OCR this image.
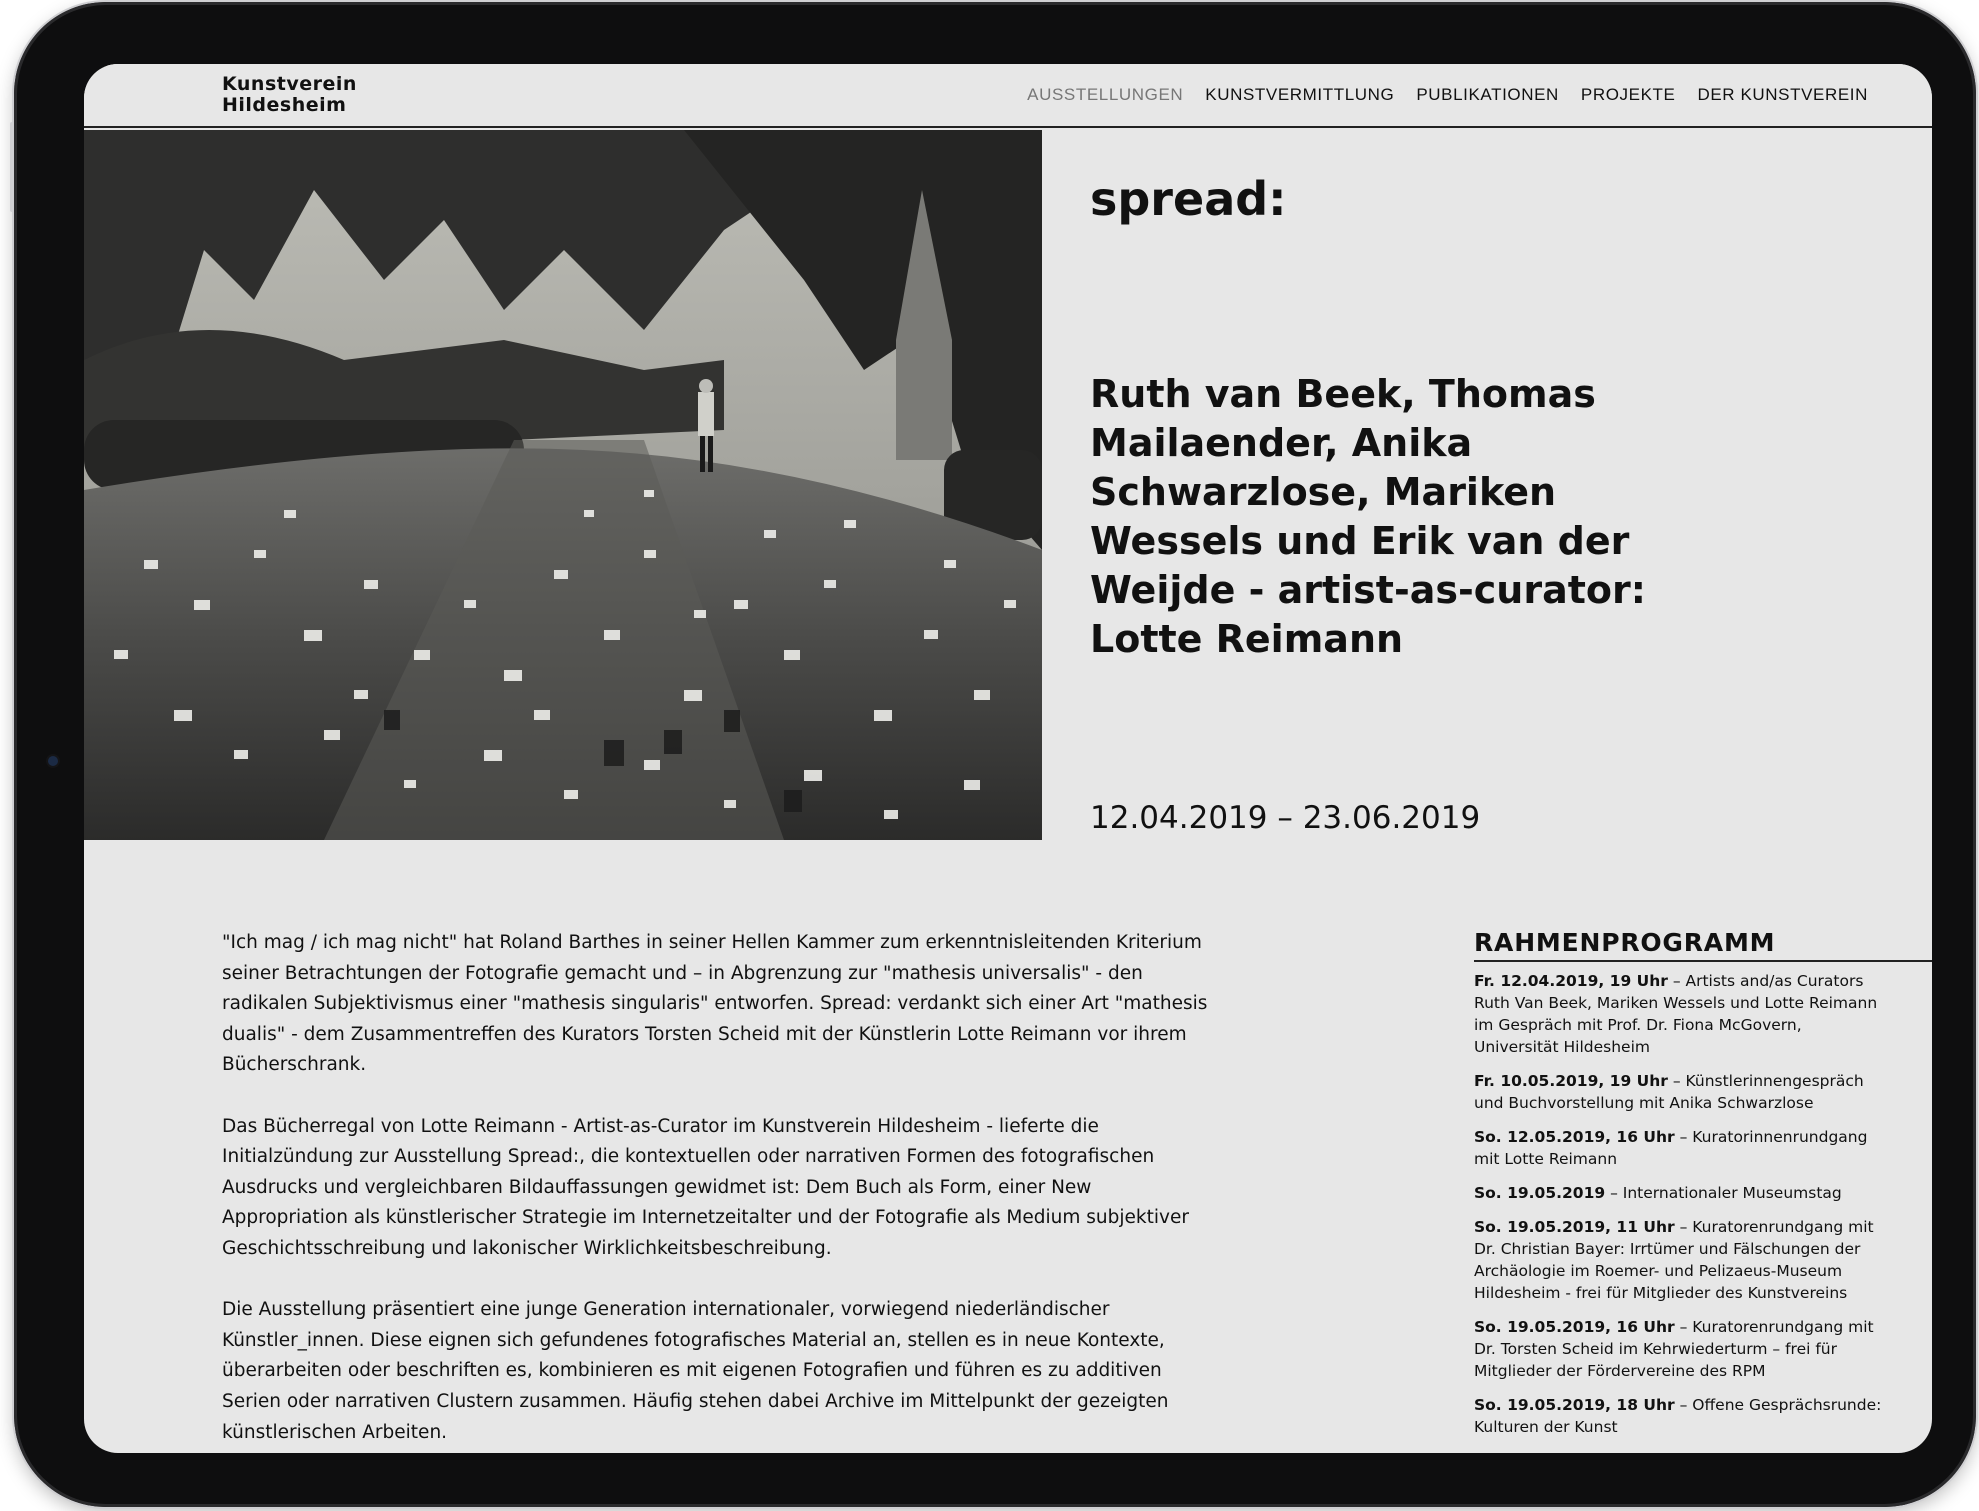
Kunstverein
Hildesheim	AUSSTELLUNGEN KUNSTVERMITTLUNG PUBLIKATIONEN PROJEKTE DER KUNSTVEREIN
spread:
Ruth van Beek, Thomas Mailaender, Anika Schwarzlose, Mariken Wessels und Erik van der Weijde - artist-as-curator: Lotte Reimann
12.04.2019 – 23.06.2019

"Ich mag / ich mag nicht" hat Roland Barthes in seiner Hellen Kammer zum erkenntnisleitenden Kriterium seiner Betrachtungen der Fotografie gemacht und – in Abgrenzung zur "mathesis universalis" - den radikalen Subjektivismus einer "mathesis singularis" entworfen. Spread: verdankt sich einer Art "mathesis dualis" - dem Zusammentreffen des Kurators Torsten Scheid mit der Künstlerin Lotte Reimann vor ihrem Bücherschrank.

Das Bücherregal von Lotte Reimann - Artist-as-Curator im Kunstverein Hildesheim - lieferte die Initialzündung zur Ausstellung Spread:, die kontextuellen oder narrativen Formen des fotografischen Ausdrucks und vergleichbaren Bildauffassungen gewidmet ist: Dem Buch als Form, einer New Appropriation als künstlerischer Strategie im Internetzeitalter und der Fotografie als Medium subjektiver Geschichtsschreibung und lakonischer Wirklichkeitsbeschreibung.

Die Ausstellung präsentiert eine junge Generation internationaler, vorwiegend niederländischer Künstler_innen. Diese eignen sich gefundenes fotografisches Material an, stellen es in neue Kontexte, überarbeiten oder beschriften es, kombinieren es mit eigenen Fotografien und führen es zu additiven Serien oder narrativen Clustern zusammen. Häufig stehen dabei Archive im Mittelpunkt der gezeigten künstlerischen Arbeiten.

RAHMENPROGRAMM
Fr. 12.04.2019, 19 Uhr – Artists and/as Curators Ruth Van Beek, Mariken Wessels und Lotte Reimann im Gespräch mit Prof. Dr. Fiona McGovern, Universität Hildesheim
Fr. 10.05.2019, 19 Uhr – Künstlerinnengespräch und Buchvorstellung mit Anika Schwarzlose
So. 12.05.2019, 16 Uhr – Kuratorinnenrundgang mit Lotte Reimann
So. 19.05.2019 – Internationaler Museumstag
So. 19.05.2019, 11 Uhr – Kuratorenrundgang mit Dr. Christian Bayer: Irrtümer und Fälschungen der Archäologie im Roemer- und Pelizaeus-Museum Hildesheim - frei für Mitglieder des Kunstvereins
So. 19.05.2019, 16 Uhr – Kuratorenrundgang mit Dr. Torsten Scheid im Kehrwiederturm – frei für Mitglieder der Fördervereine des RPM
So. 19.05.2019, 18 Uhr – Offene Gesprächsrunde: Kulturen der Kunst
